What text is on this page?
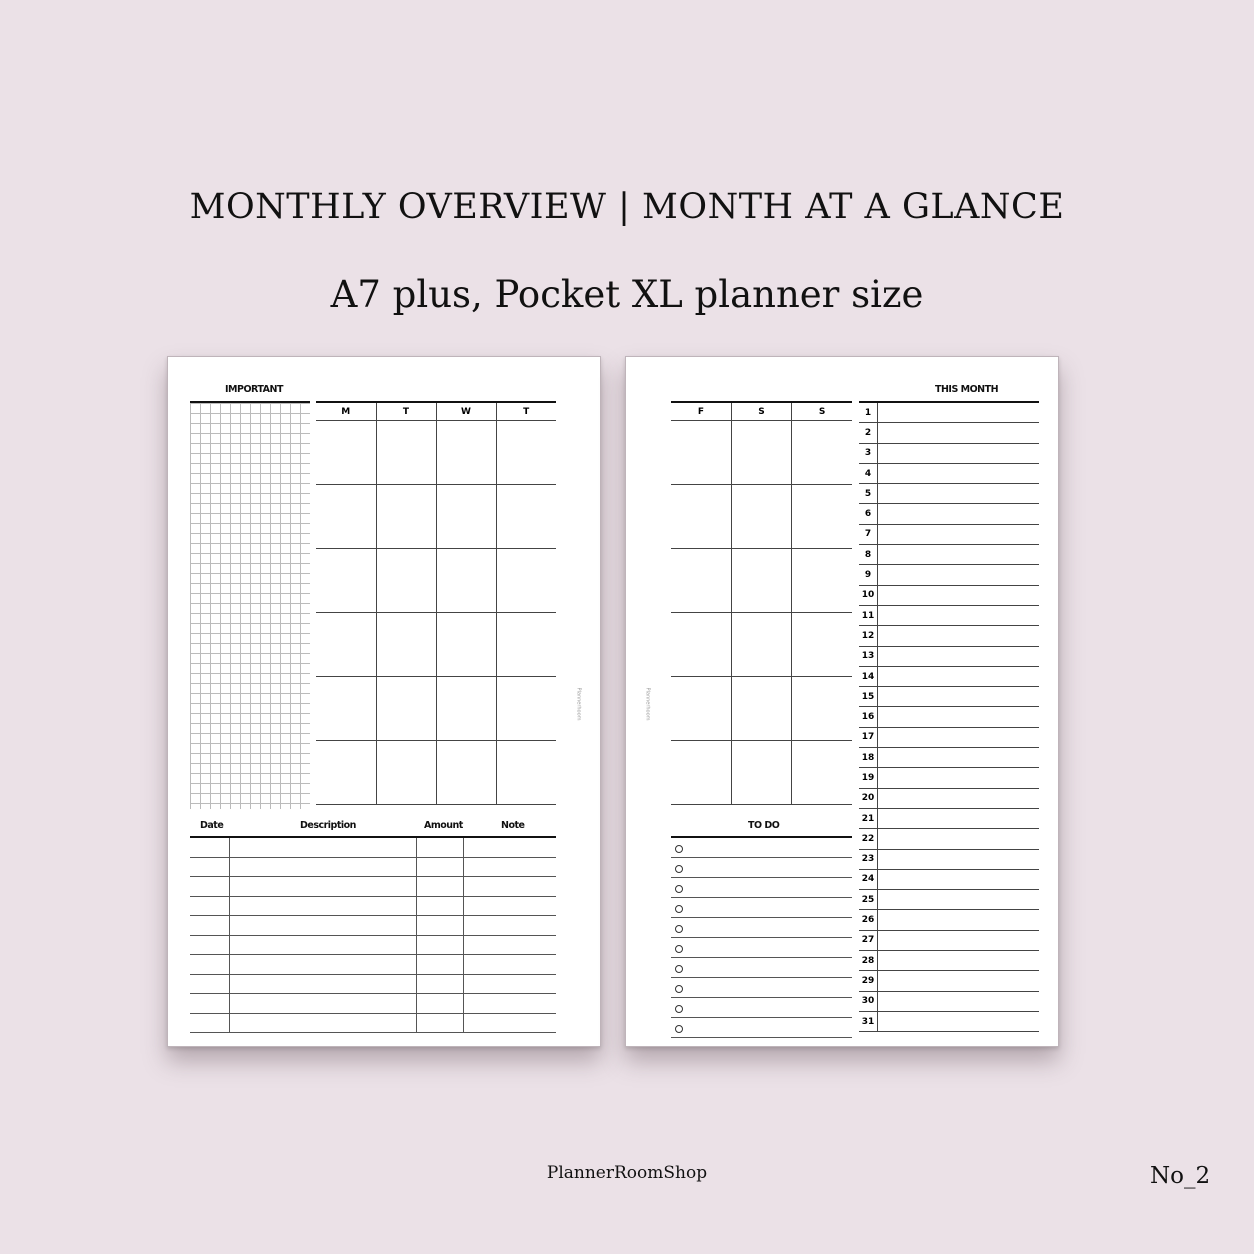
MONTHLY OVERVIEW | MONTH AT A GLANCE
A7 plus, Pocket XL planner size
IMPORTANT
M	T	W	T

Date	Description	Amount	Note

Plannerhoom
F	S	S

TO DO

THIS MONTH
1	
2	
3	
4	
5	
6	
7	
8	
9	
10	
11	
12	
13	
14	
15	
16	
17	
18	
19	
20	
21	
22	
23	
24	
25	
26	
27	
28	
29	
30	
31	
Plannerhoom
PlannerRoomShop	No_2
